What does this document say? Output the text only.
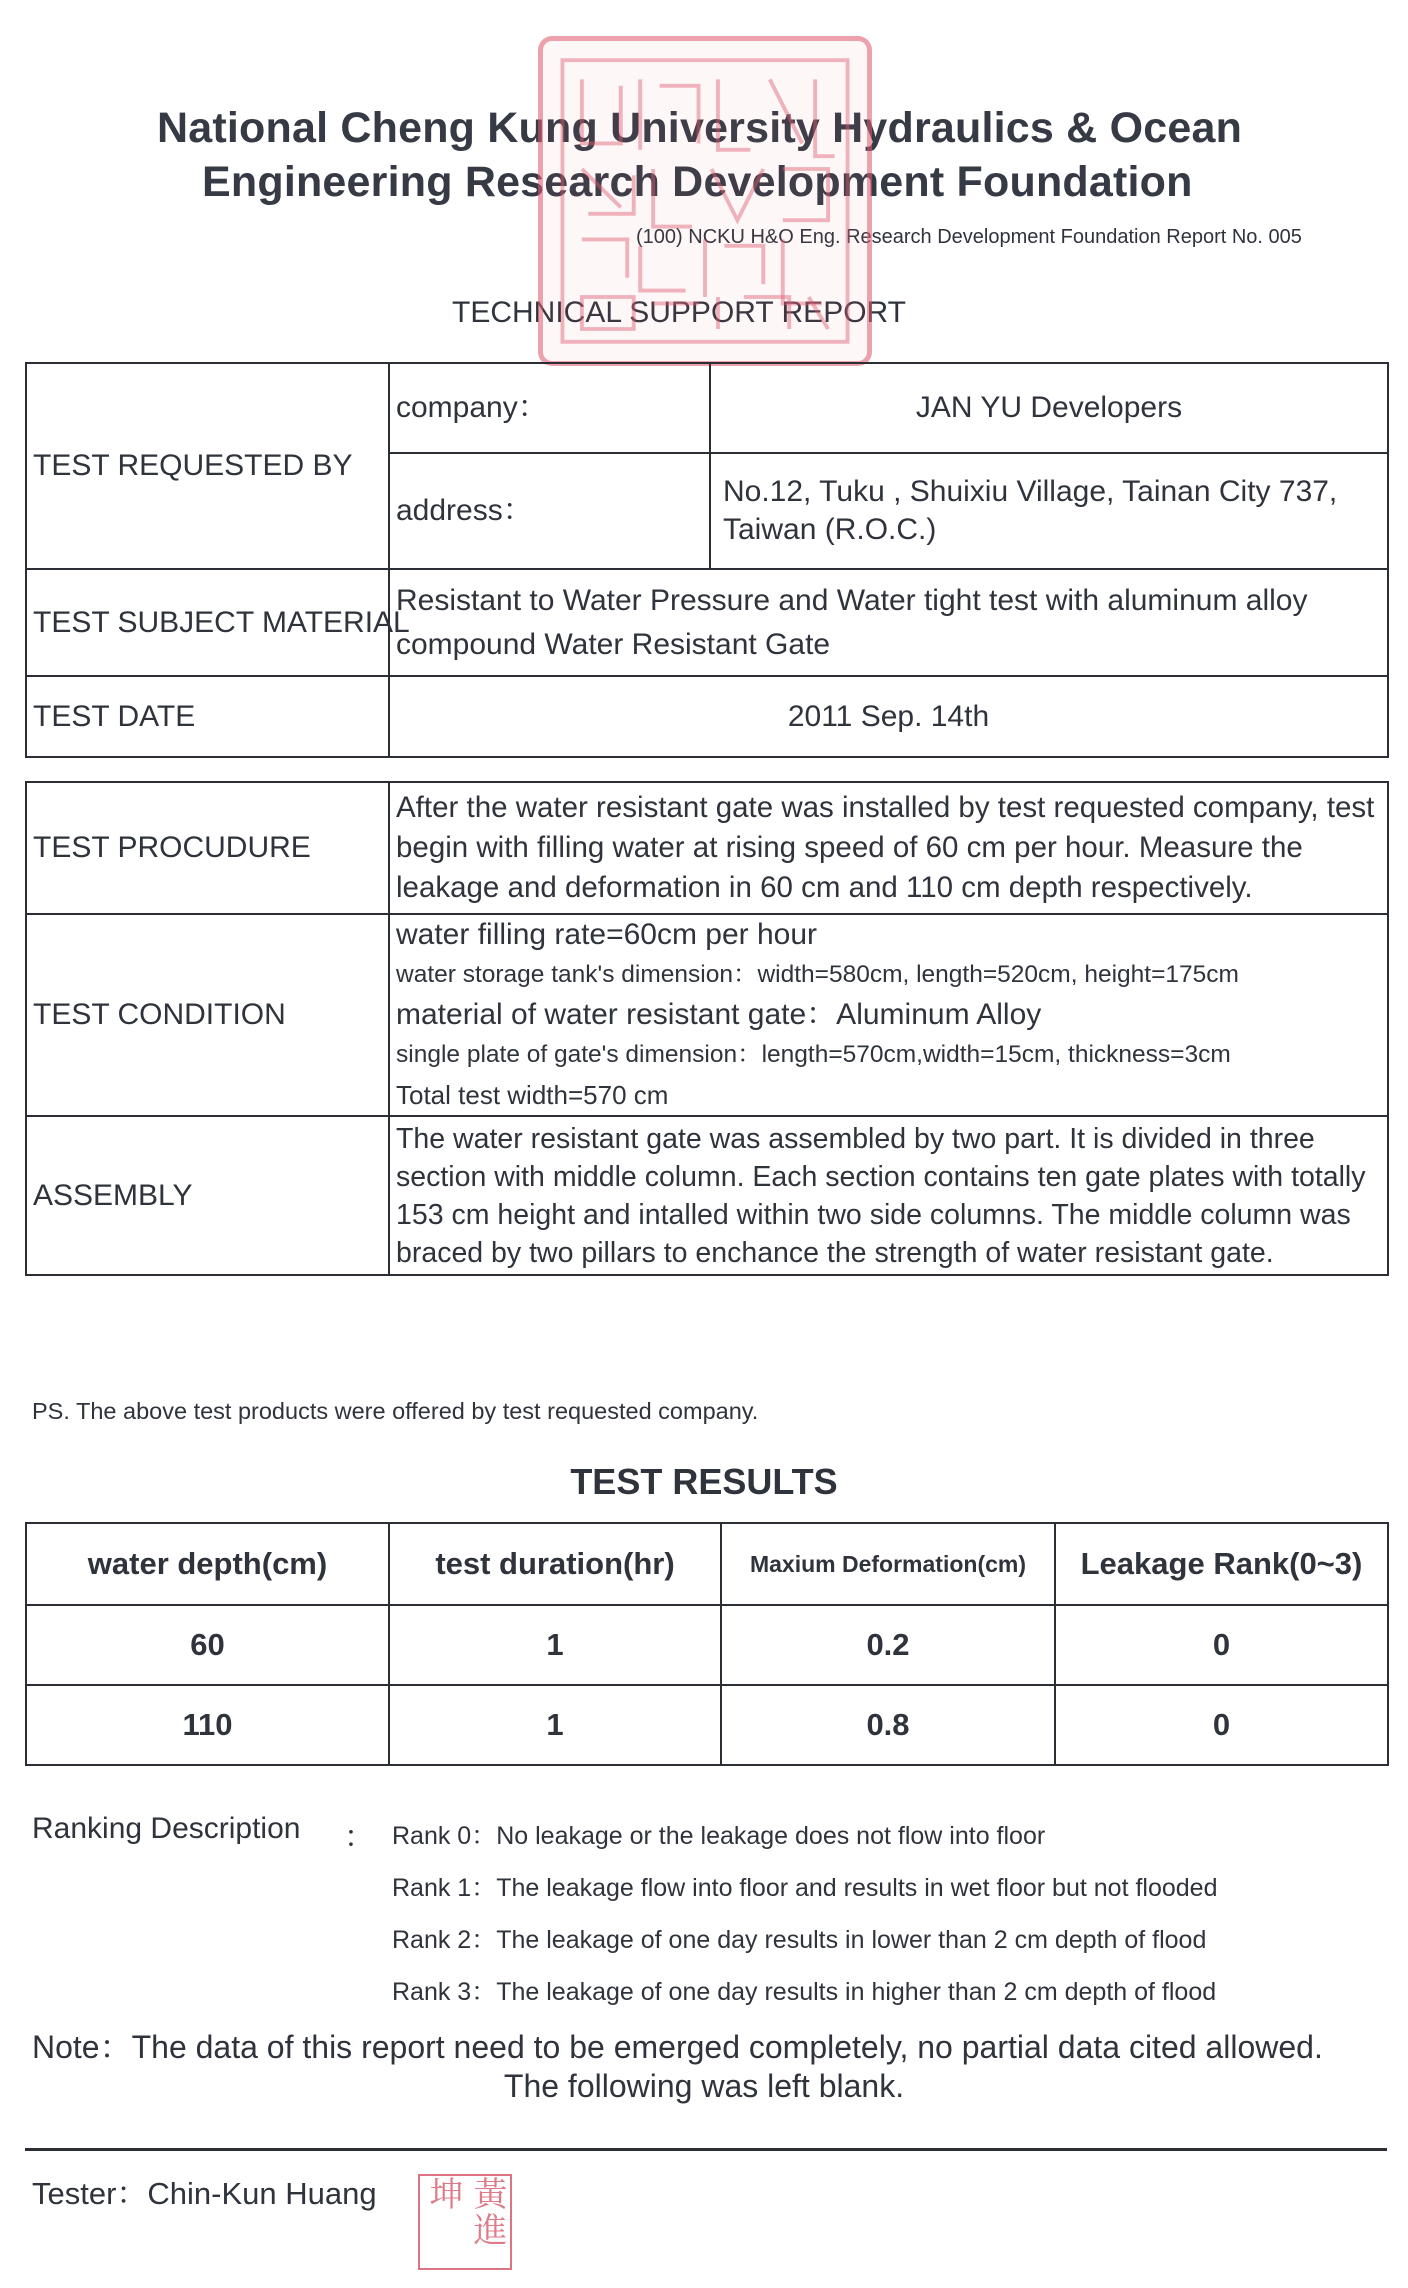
National Cheng Kung University Hydraulics & Ocean
Engineering Research Development Foundation
(100) NCKU H&O Eng. Research Development Foundation Report No. 005
TECHNICAL SUPPORT REPORT
TEST REQUESTED BY	company：	JAN YU Developers
	address：	No.12, Tuku , Shuixiu Village, Tainan City 737, Taiwan (R.O.C.)
TEST SUBJECT MATERIAL	Resistant to Water Pressure and Water tight test with aluminum alloy compound Water Resistant Gate	
TEST DATE	2011 Sep. 14th	
TEST PROCUDURE	After the water resistant gate was installed by test requested company, test begin with filling water at rising speed of 60 cm per hour. Measure the leakage and deformation in 60 cm and 110 cm depth respectively.
TEST CONDITION	water filling rate=60cm per hour
water storage tank's dimension：width=580cm, length=520cm, height=175cm
material of water resistant gate：Aluminum Alloy
single plate of gate's dimension：length=570cm,width=15cm, thickness=3cm
Total test width=570 cm

ASSEMBLY	The water resistant gate was assembled by two part. It is divided in three section with middle column. Each section contains ten gate plates with totally 153 cm height and intalled within two side columns. The middle column was braced by two pillars to enchance the strength of water resistant gate.
PS. The above test products were offered by test requested company.
TEST RESULTS
water depth(cm)	test duration(hr)	Maxium Deformation(cm)	Leakage Rank(0~3)
60	1	0.2	0
110	1	0.8	0
Ranking Description ： Rank 0：No leakage or the leakage does not flow into floor
Rank 1：The leakage flow into floor and results in wet floor but not flooded
Rank 2：The leakage of one day results in lower than 2 cm depth of flood
Rank 3：The leakage of one day results in higher than 2 cm depth of flood
Note：The data of this report need to be emerged completely, no partial data cited allowed.
The following was left blank.
Tester：Chin-Kun Huang	黃進坤
